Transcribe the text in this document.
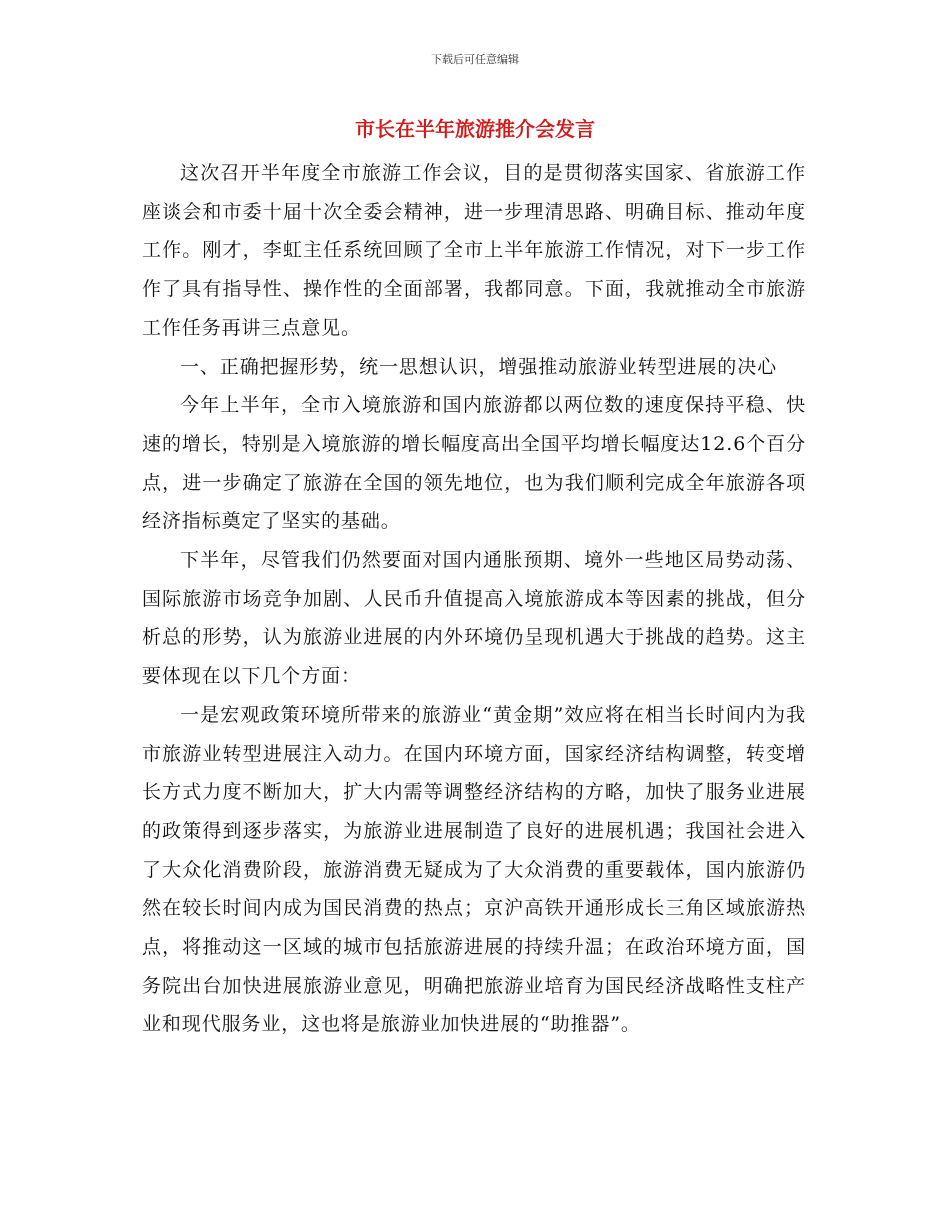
下载后可任意编辑
市长在半年旅游推介会发言

这次召开半年度全市旅游工作会议，目的是贯彻落实国家、省旅游工作座谈会和市委十届十次全委会精神，进一步理清思路、明确目标、推动年度工作。刚才，李虹主任系统回顾了全市上半年旅游工作情况，对下一步工作作了具有指导性、操作性的全面部署，我都同意。下面，我就推动全市旅游工作任务再讲三点意见。

一、正确把握形势，统一思想认识，增强推动旅游业转型进展的决心

今年上半年，全市入境旅游和国内旅游都以两位数的速度保持平稳、快速的增长，特别是入境旅游的增长幅度高出全国平均增长幅度达12.6个百分点，进一步确定了旅游在全国的领先地位，也为我们顺利完成全年旅游各项经济指标奠定了坚实的基础。

下半年，尽管我们仍然要面对国内通胀预期、境外一些地区局势动荡、国际旅游市场竞争加剧、人民币升值提高入境旅游成本等因素的挑战，但分析总的形势，认为旅游业进展的内外环境仍呈现机遇大于挑战的趋势。这主要体现在以下几个方面：

一是宏观政策环境所带来的旅游业“黄金期”效应将在相当长时间内为我市旅游业转型进展注入动力。在国内环境方面，国家经济结构调整，转变增长方式力度不断加大，扩大内需等调整经济结构的方略，加快了服务业进展的政策得到逐步落实，为旅游业进展制造了良好的进展机遇；我国社会进入了大众化消费阶段，旅游消费无疑成为了大众消费的重要载体，国内旅游仍然在较长时间内成为国民消费的热点；京沪高铁开通形成长三角区域旅游热点，将推动这一区域的城市包括旅游进展的持续升温；在政治环境方面，国务院出台加快进展旅游业意见，明确把旅游业培育为国民经济战略性支柱产业和现代服务业，这也将是旅游业加快进展的“助推器”。
